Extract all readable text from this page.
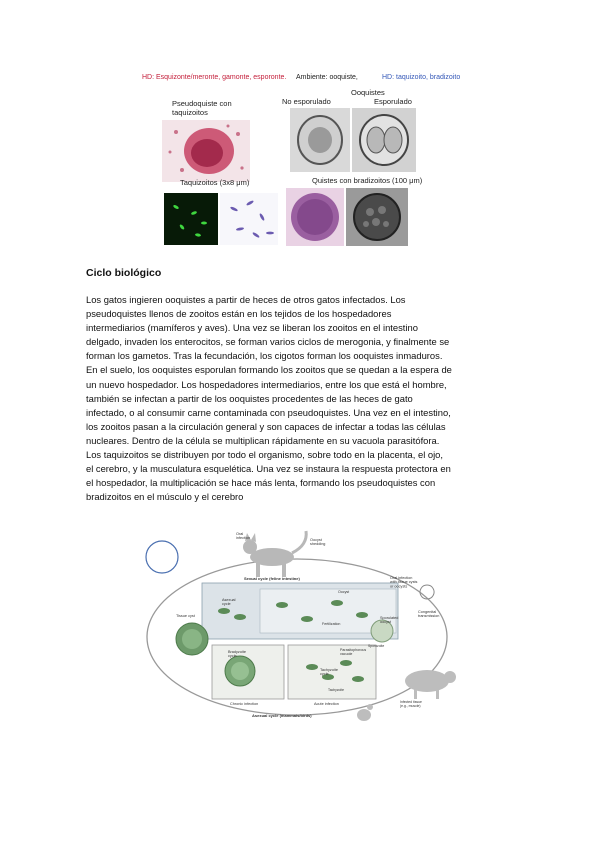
HD: Esquizonte/meronte, gamonte, esporonte. Ambiente: ooquiste,	HD: taquizoito, bradizoito
Pseudoquiste con
taquizoitos
Ooquistes
No esporulado	Esporulado
Taquizoitos (3x8 μm)	Quistes con bradizoitos (100 μm)
Ciclo biológico
Los gatos ingieren ooquistes a partir de heces de otros gatos infectados. Los
pseudoquistes llenos de zooitos están en los tejidos de los hospedadores
intermediarios (mamíferos y aves). Una vez se liberan los zooitos en el intestino
delgado, invaden los enterocitos, se forman varios ciclos de merogonia, y finalmente se
forman los gametos. Tras la fecundación, los cigotos forman los ooquistes inmaduros.
En el suelo, los ooquistes esporulan formando los zooitos que se quedan a la espera de
un nuevo hospedador. Los hospedadores intermediarios, entre los que está el hombre,
también se infectan a partir de los ooquistes procedentes de las heces de gato
infectado, o al consumir carne contaminada con pseudoquistes. Una vez en el intestino,
los zooitos pasan a la circulación general y son capaces de infectar a todas las células
nucleares. Dentro de la célula se multiplican rápidamente en su vacuola parasitófora.
Los taquizoitos se distribuyen por todo el organismo, sobre todo en la placenta, el ojo,
el cerebro, y la musculatura esquelética. Una vez se instaura la respuesta protectora en
el hospedador, la multiplicación se hace más lenta, formando los pseudoquistes con
bradizoitos en el músculo y el cerebro
Oral infection	Oocyst shedding
Sexual cycle (feline intestine)
Oocyst
Asexual cycle
Fertilization
Oral infection with tissue cysts or oocysts
Congenital transmission
Tissue cyst	Sporulated oocyst
Sporozoite
Bradyzoite cycle
Parasitophorous vacuole
Tachyzoite cycle
Tachyzoite
Chronic infection	Acute infection	Infected tissue (e.g., muscle)
Asexual cycle (mammals/birds)
